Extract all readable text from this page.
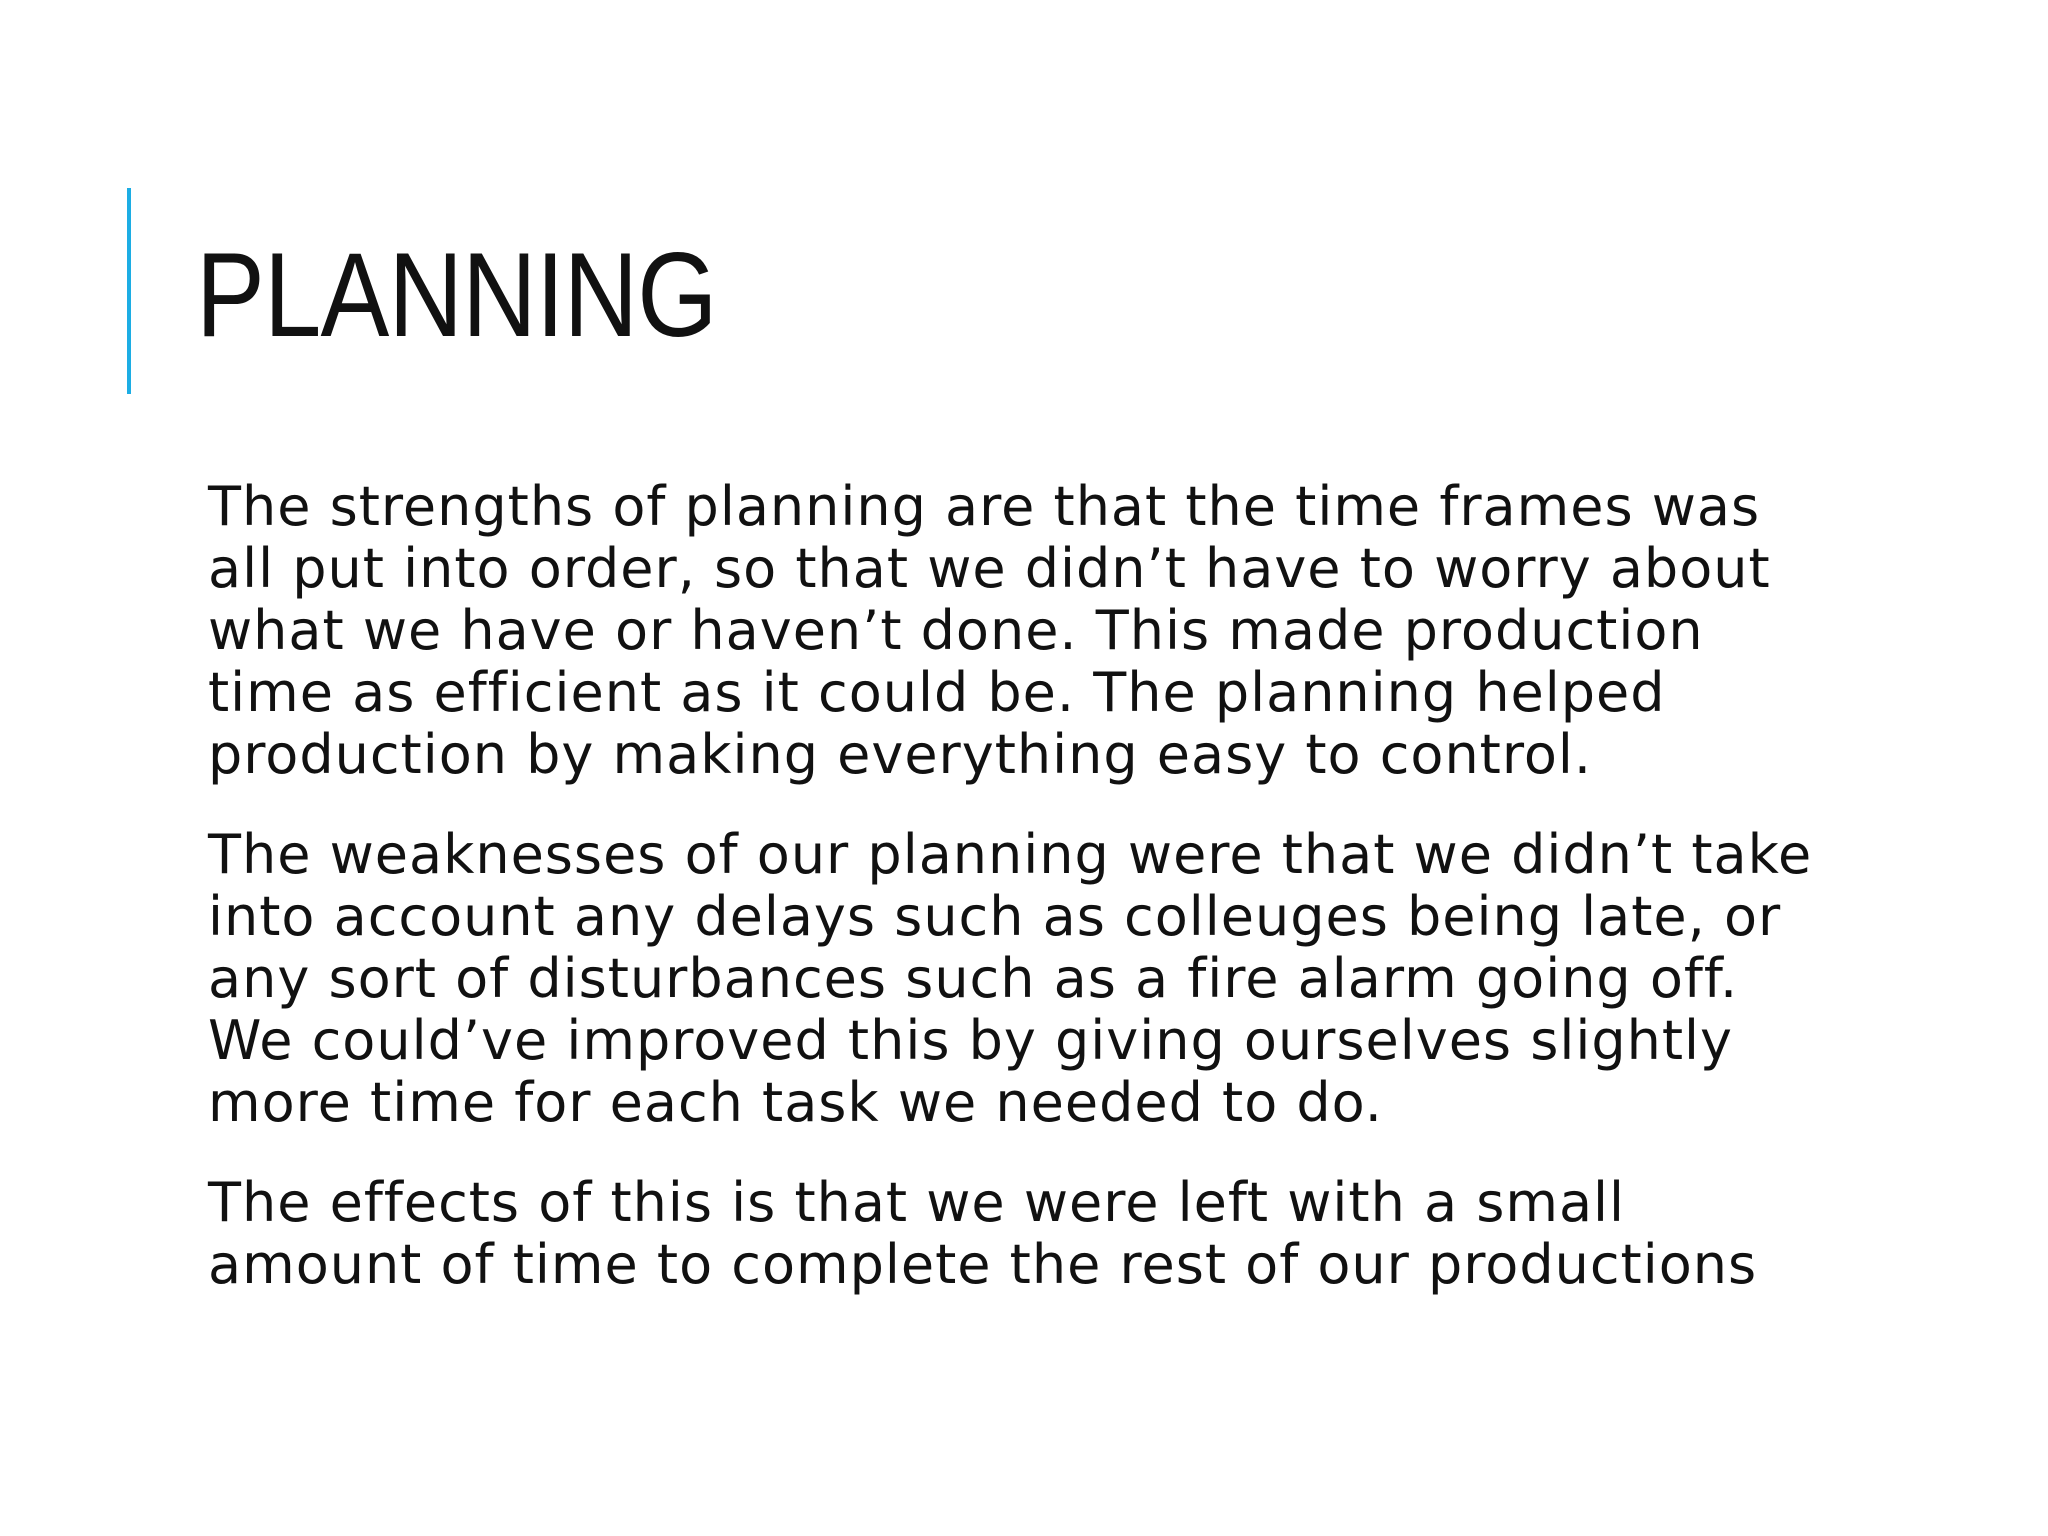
PLANNING

The strengths of planning are that the time frames was
all put into order, so that we didn’t have to worry about
what we have or haven’t done. This made production
time as efficient as it could be. The planning helped
production by making everything easy to control.

The weaknesses of our planning were that we didn’t take
into account any delays such as colleuges being late, or
any sort of disturbances such as a fire alarm going off.
We could’ve improved this by giving ourselves slightly
more time for each task we needed to do.

The effects of this is that we were left with a small
amount of time to complete the rest of our productions
